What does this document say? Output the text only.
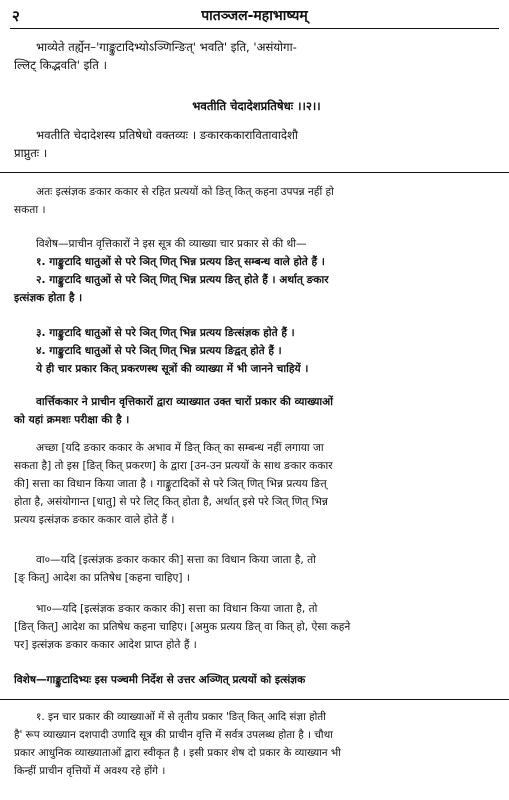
२	पातञ्जल-महाभाष्यम्

भाव्येते तर्ह्येन–'गाङ्कुटादिभ्योऽञ्णिन्ङित्' भवति' इति, 'असंयोगा-

ल्लिट् किद्भवति' इति ।

भवतीति चेदादेशप्रतिषेधः ।।२।।

भवतीति चेदादेशस्य प्रतिषेधो वक्तव्यः । ङकारककारावितावादेशौ

प्राप्नुतः ।

अतः इत्संज्ञक ङकार ककार से रहित प्रत्ययों को ङित् कित् कहना उपपन्न नहीं हो

सकता ।

विशेष—प्राचीन वृत्तिकारों ने इस सूत्र की व्याख्या चार प्रकार से की थी—

१. गाङ्कुटादि धातुओं से परे ञित् णित् भिन्न प्रत्यय ङित् सम्बन्ध वाले होते हैं ।

२. गाङ्कुटादि धातुओं से परे ञित् णित् भिन्न प्रत्यय ङित् होते हैं । अर्थात् ङकार

इत्संज्ञक होता है ।

३. गाङ्कुटादि धातुओं से परे ञित् णित् भिन्न प्रत्यय ङित्संज्ञक होते हैं ।

४. गाङ्कुटादि धातुओं से परे ञित् णित् भिन्न प्रत्यय ङिद्वत् होते हैं ।

ये ही चार प्रकार कित् प्रकरणस्थ सूत्रों की व्याख्या में भी जानने चाहियें ।

वार्त्तिककार ने प्राचीन वृत्तिकारों द्वारा व्याख्यात उक्त चारों प्रकार की व्याख्याओं

को यहां क्रमशः परीक्षा की है ।

अच्छा [यदि ङकार ककार के अभाव में ङित् कित् का सम्बन्ध नहीं लगाया जा

सकता है] तो इस [ङित् कित् प्रकरण] के द्वारा [उन-उन प्रत्ययों के साथ ङकार ककार

की] सत्ता का विधान किया जाता है । गाङ्कुटादिकों से परे ञित् णित् भिन्न प्रत्यय ङित्

होता है, असंयोगान्त [धातु] से परे लिट् कित् होता है, अर्थात् इसे परे ञित् णित् भिन्न

प्रत्यय इत्संज्ञक ङकार ककार वाले होते हैं ।

वा०—यदि [इत्संज्ञक ङकार ककार की] सत्ता का विधान किया जाता है, तो

[ङ् कित्] आदेश का प्रतिषेध [कहना चाहिए] ।

भा०—यदि [इत्संज्ञक ङकार ककार की] सत्ता का विधान किया जाता है, तो

[ङित् कित्] आदेश का प्रतिषेध कहना चाहिए। [अमुक प्रत्यय ङित् वा कित् हो, ऐसा कहने

पर] इत्संज्ञक ङकार ककार आदेश प्राप्त होते हैं ।

विशेष—गाङ्कुटादिभ्यः इस पञ्चमी निर्देश से उत्तर अञ्णित् प्रत्ययों को इत्संज्ञक

१. इन चार प्रकार की व्याख्याओं में से तृतीय प्रकार 'ङित् कित् आदि संज्ञा होती

है' रूप व्याख्यान दशपादी उणादि सूत्र की प्राचीन वृत्ति में सर्वत्र उपलब्ध होता है । चौथा

प्रकार आधुनिक व्याख्याताओं द्वारा स्वीकृत है । इसी प्रकार शेष दो प्रकार के व्याख्यान भी

किन्हीं प्राचीन वृत्तियों में अवश्य रहे होंगे ।
